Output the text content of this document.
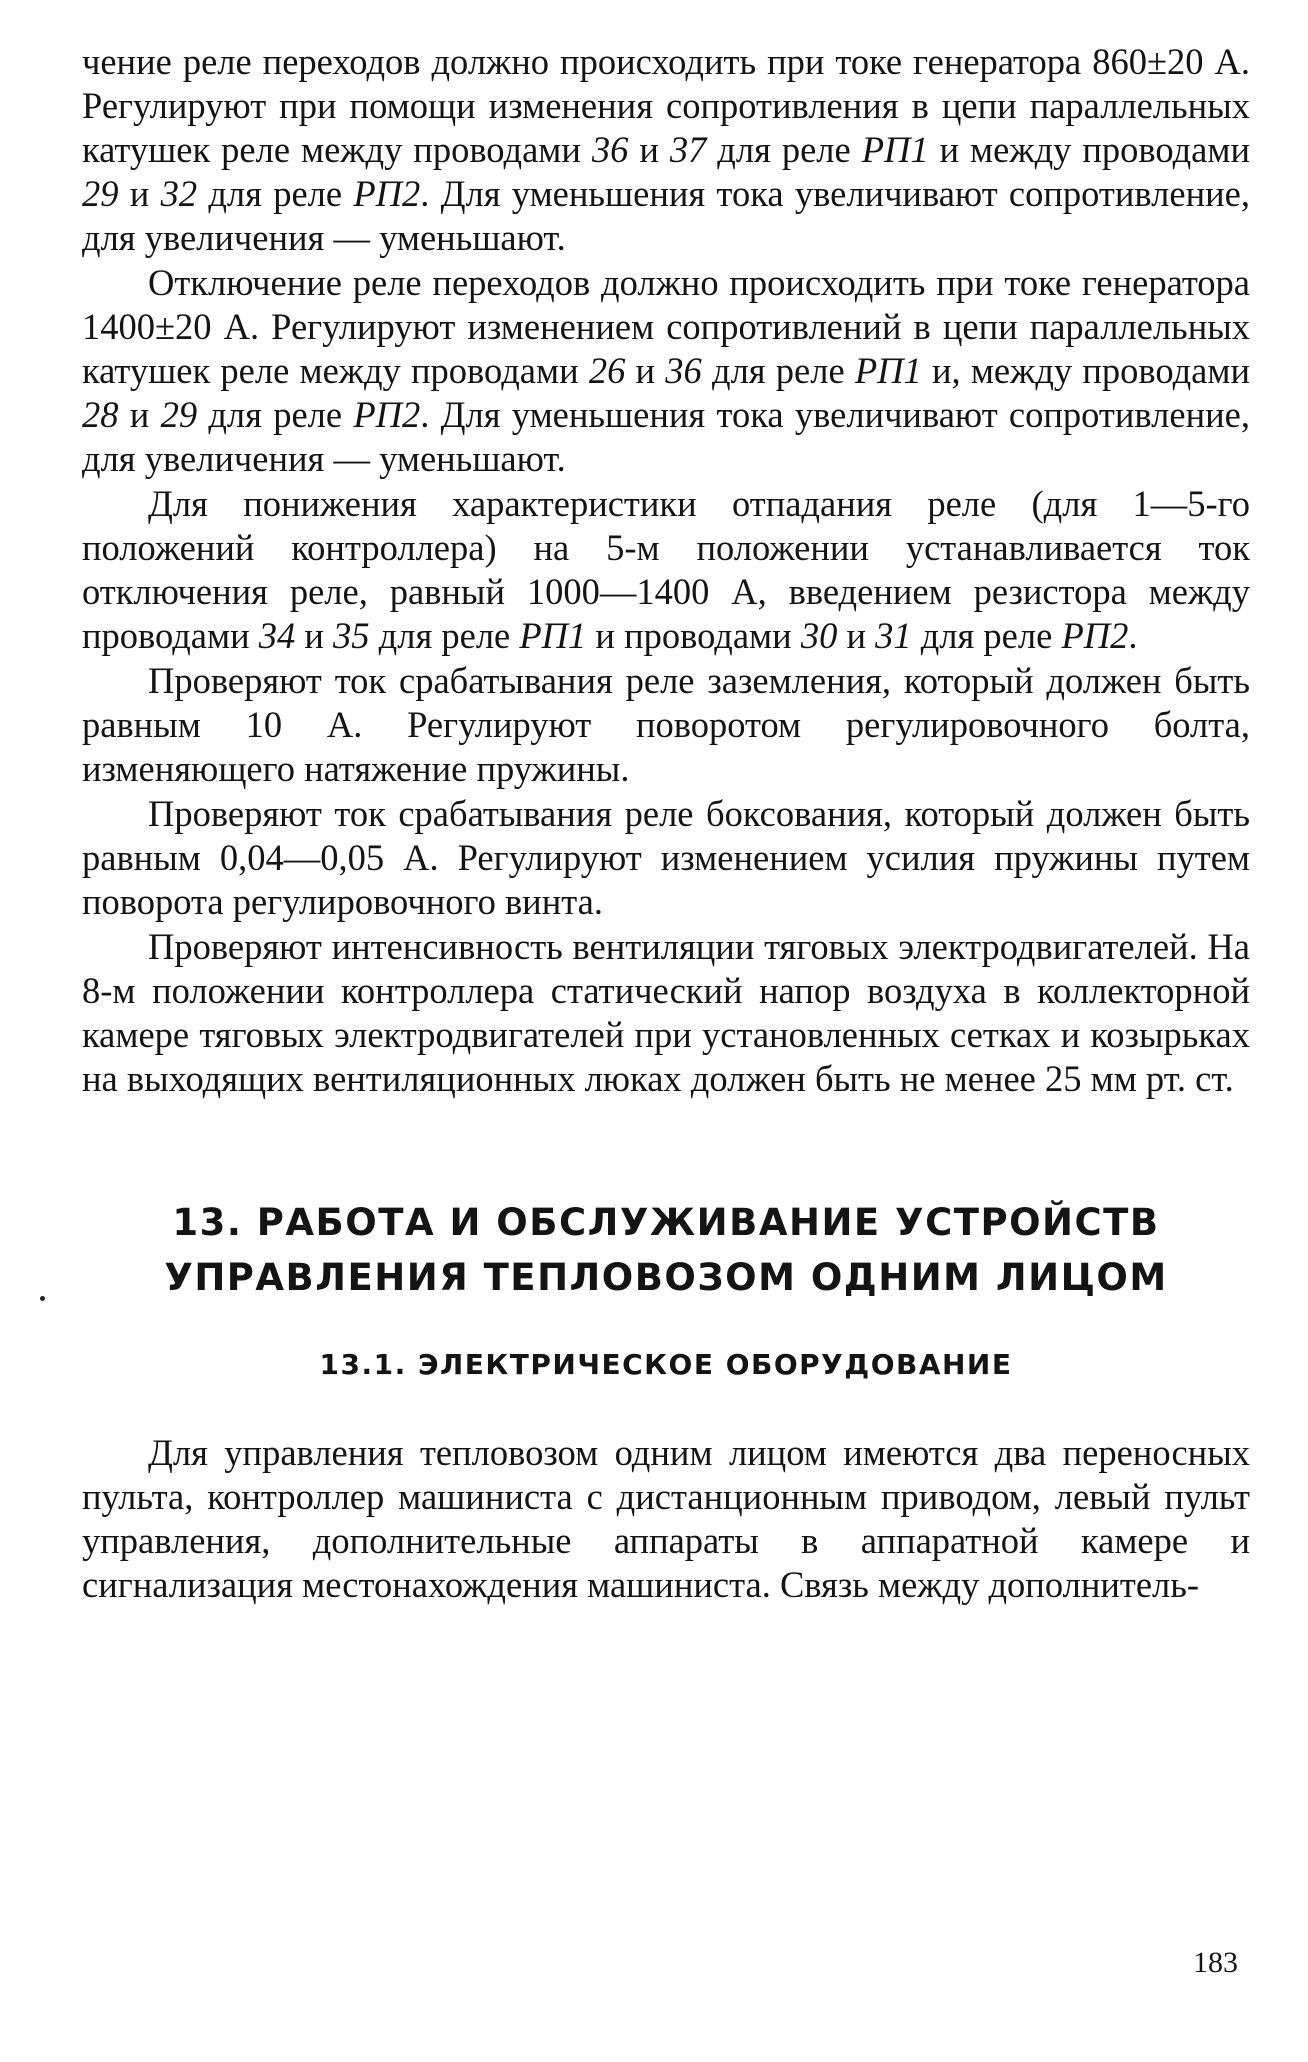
чение реле переходов должно происходить при токе генератора 860±20 А. Регулируют при помощи изменения сопротивления в цепи параллельных катушек реле между проводами 36 и 37 для реле РП1 и между проводами 29 и 32 для реле РП2. Для уменьшения тока увеличивают сопротивление, для увеличения — уменьшают.

Отключение реле переходов должно происходить при токе генератора 1400±20 А. Регулируют изменением сопротивлений в цепи параллельных катушек реле между проводами 26 и 36 для реле РП1 и, между проводами 28 и 29 для реле РП2. Для уменьшения тока увеличивают сопротивление, для увеличения — уменьшают.

Для понижения характеристики отпадания реле (для 1—5-го положений контроллера) на 5-м положении устанавливается ток отключения реле, равный 1000—1400 А, введением резистора между проводами 34 и 35 для реле РП1 и проводами 30 и 31 для реле РП2.

Проверяют ток срабатывания реле заземления, который должен быть равным 10 А. Регулируют поворотом регулировочного болта, изменяющего натяжение пружины.

Проверяют ток срабатывания реле боксования, который должен быть равным 0,04—0,05 А. Регулируют изменением усилия пружины путем поворота регулировочного винта.

Проверяют интенсивность вентиляции тяговых электродвигателей. На 8-м положении контроллера статический напор воздуха в коллекторной камере тяговых электродвигателей при установленных сетках и козырьках на выходящих вентиляционных люках должен быть не менее 25 мм рт. ст.

13. РАБОТА И ОБСЛУЖИВАНИЕ УСТРОЙСТВ
УПРАВЛЕНИЯ ТЕПЛОВОЗОМ ОДНИМ ЛИЦОМ
13.1. ЭЛЕКТРИЧЕСКОЕ ОБОРУДОВАНИЕ

Для управления тепловозом одним лицом имеются два переносных пульта, контроллер машиниста с дистанционным приводом, левый пульт управления, дополнительные аппараты в аппаратной камере и сигнализация местонахождения машиниста. Связь между дополнитель-

183
